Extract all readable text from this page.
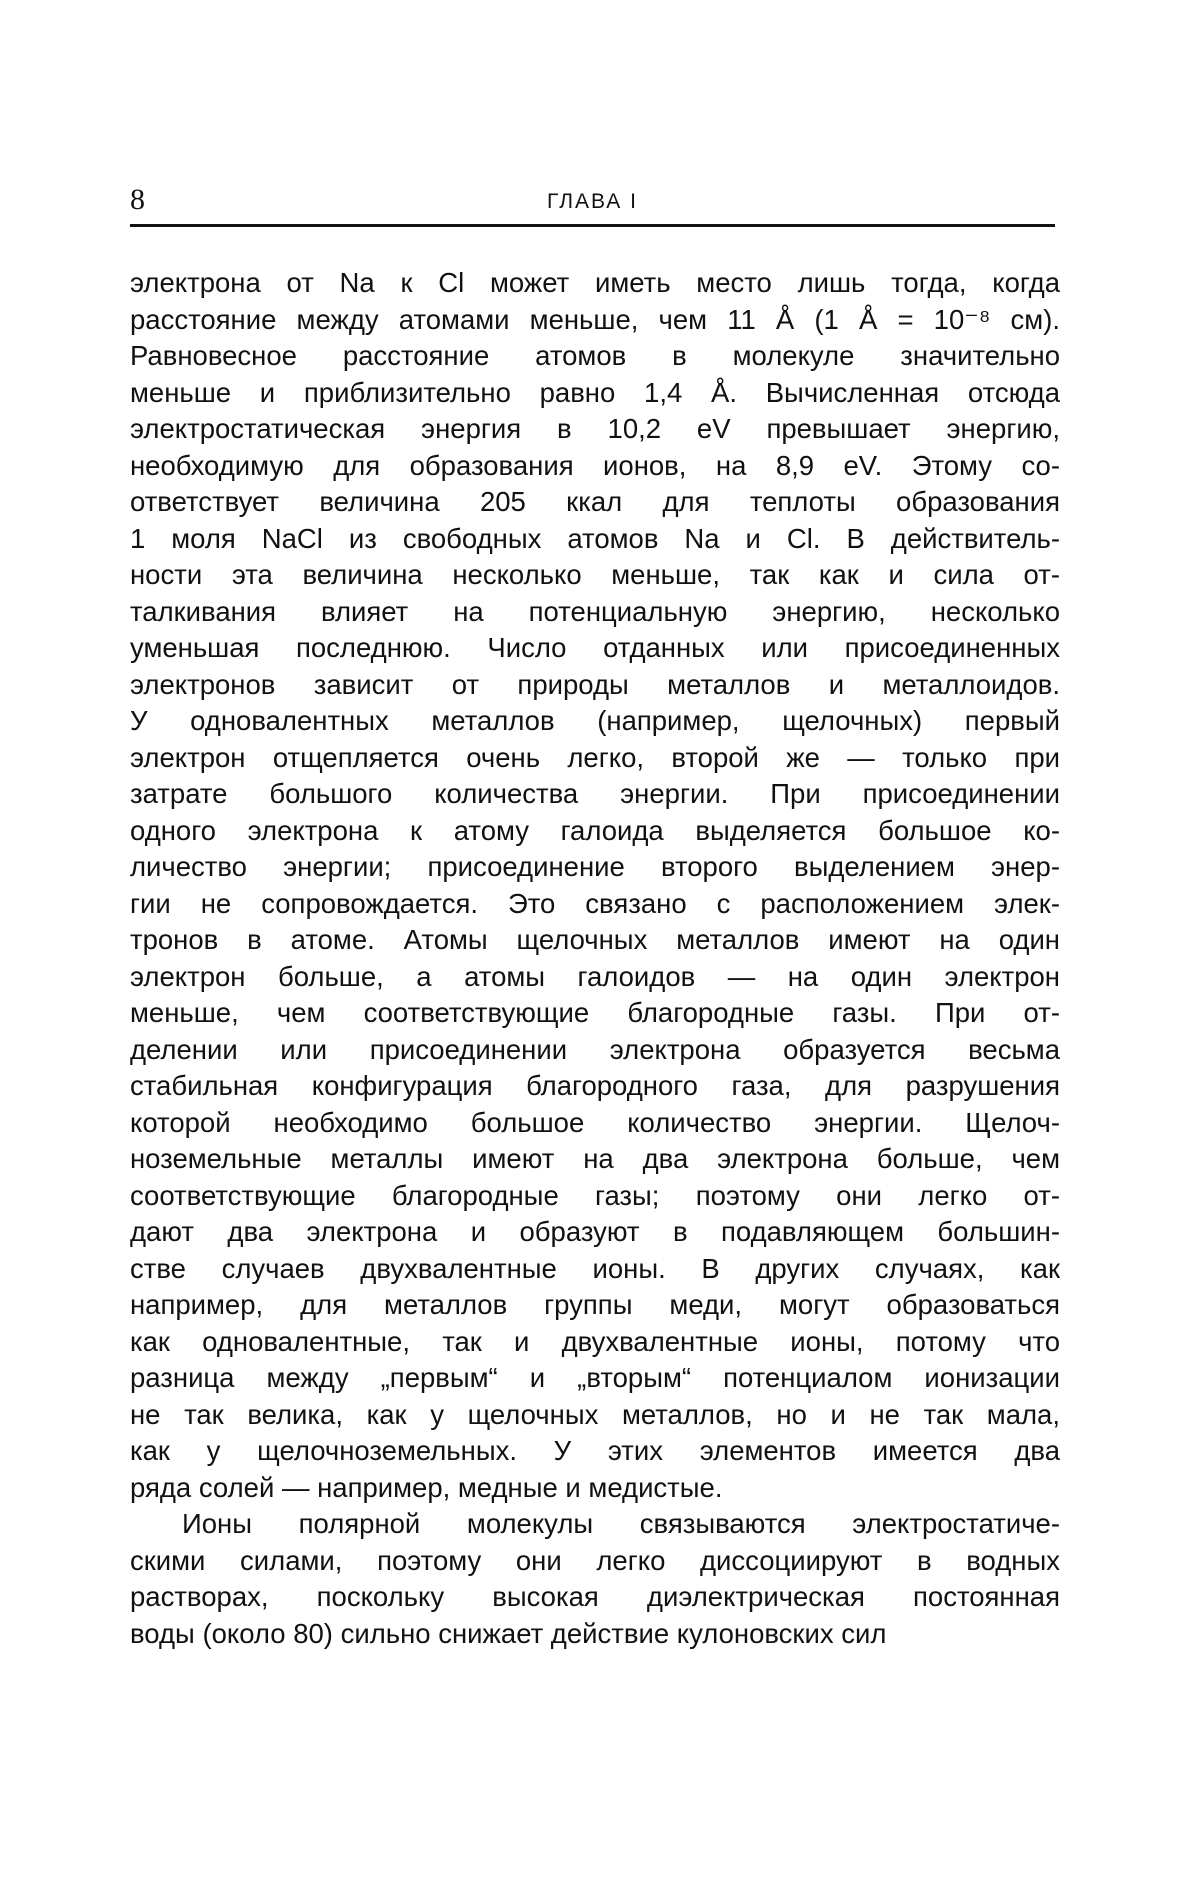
8	ГЛАВА I
электрона от Na к Cl может иметь место лишь тогда, когда
расстояние между атомами меньше, чем 11 Å (1 Å = 10⁻⁸ см).
Равновесное расстояние атомов в молекуле значительно
меньше и приблизительно равно 1,4 Å. Вычисленная отсюда
электростатическая энергия в 10,2 eV превышает энергию,
необходимую для образования ионов, на 8,9 eV. Этому со-
ответствует величина 205 ккал для теплоты образования
1 моля NaCl из свободных атомов Na и Cl. В действитель-
ности эта величина несколько меньше, так как и сила от-
талкивания влияет на потенциальную энергию, несколько
уменьшая последнюю. Число отданных или присоединенных
электронов зависит от природы металлов и металлоидов.
У одновалентных металлов (например, щелочных) первый
электрон отщепляется очень легко, второй же — только при
затрате большого количества энергии. При присоединении
одного электрона к атому галоида выделяется большое ко-
личество энергии; присоединение второго выделением энер-
гии не сопровождается. Это связано с расположением элек-
тронов в атоме. Атомы щелочных металлов имеют на один
электрон больше, а атомы галоидов — на один электрон
меньше, чем соответствующие благородные газы. При от-
делении или присоединении электрона образуется весьма
стабильная конфигурация благородного газа, для разрушения
которой необходимо большое количество энергии. Щелоч-
ноземельные металлы имеют на два электрона больше, чем
соответствующие благородные газы; поэтому они легко от-
дают два электрона и образуют в подавляющем большин-
стве случаев двухвалентные ионы. В других случаях, как
например, для металлов группы меди, могут образоваться
как одновалентные, так и двухвалентные ионы, потому что
разница между „первым“ и „вторым“ потенциалом ионизации
не так велика, как у щелочных металлов, но и не так мала,
как у щелочноземельных. У этих элементов имеется два
ряда солей — например, медные и медистые.
Ионы полярной молекулы связываются электростатиче-
скими силами, поэтому они легко диссоциируют в водных
растворах, поскольку высокая диэлектрическая постоянная
воды (около 80) сильно снижает действие кулоновских сил
